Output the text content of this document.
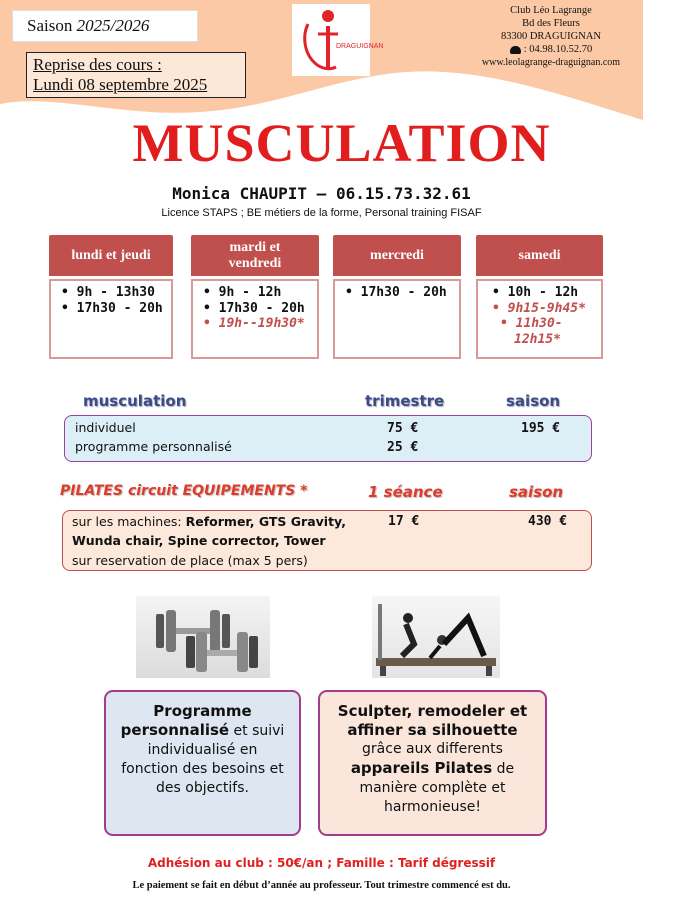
Saison 2025/2026
Reprise des cours :
Lundi 08 septembre 2025
DRAGUIGNAN
Club Léo Lagrange
Bd des Fleurs
83300 DRAGUIGNAN
: 04.98.10.52.70
www.leolagrange-draguignan.com
MUSCULATION
Monica CHAUPIT – 06.15.73.32.61
Licence STAPS ; BE métiers de la forme, Personal training FISAF
lundi et jeudi
• 9h - 13h30
• 17h30 - 20h
mardi et
vendredi
• 9h - 12h
• 17h30 - 20h
• 19h--19h30*
mercredi
• 17h30 - 20h
samedi
• 10h - 12h
• 9h15-9h45*
• 11h30-
12h15*
musculation	trimestre	saison
individuel	75 €	195 €
programme personnalisé	25 €
PILATES circuit EQUIPEMENTS *	1 séance	saison
sur les machines: Reformer, GTS Gravity,
Wunda chair, Spine corrector, Tower
sur reservation de place (max 5 pers)
17 €	430 €

Programme

personnalisé et suivi

individualisé en

fonction des besoins et

des objectifs.

Sculpter, remodeler et

affiner sa silhouette

grâce aux differents

appareils Pilates de

manière complète et

harmonieuse!

Adhésion au club : 50€/an ; Famille : Tarif dégressif
Le paiement se fait en début d’année au professeur. Tout trimestre commencé est du.
